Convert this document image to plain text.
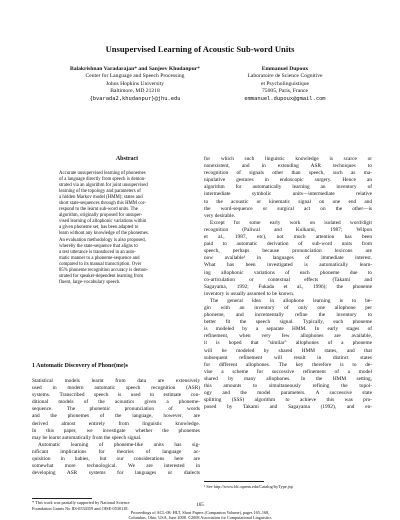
Unsupervised Learning of Acoustic Sub-word Units
Balakrishnan Varadarajan* and Sanjeev Khudanpur*
Center for Language and Speech Processing
Johns Hopkins University
Baltimore, MD 21218
{bvarada2,khudanpur}@jhu.edu
Emmanuel Dupoux
Laboratoire de Science Cognitive
et Psycholinguistique
75005, Paris, France
emmanuel.dupoux@gmail.com
Abstract
Accurate unsupervised learning of phonemes
of a language directly from speech is demon-
strated via an algorithm for joint unsupervised
learning of the topology and parameters of
a hidden Markov model (HMM); states and
short state-sequences through this HMM cor-
respond to the learnt sub-word units. The
algorithm, originally proposed for unsuper-
vised learning of allophonic variations within
a given phoneme set, has been adapted to
learn without any knowledge of the phonemes.
An evaluation methodology is also proposed,
whereby the state-sequence that aligns to
a test utterance is transduced in an auto-
matic manner to a phoneme-sequence and
compared to its manual transcription. Over
85% phoneme recognition accuracy is demon-
strated for speaker-dependent learning from
fluent, large-vocabulary speech.
1 Automatic Discovery of Phone(me)s
Statistical models learnt from data are extensively
used in modern automatic speech recognition (ASR)
systems. Transcribed speech is used to estimate con-
ditional models of the acoustics given a phoneme-
sequence. The phonemic pronunciation of words
and the phonemes of the language, however, are
derived almost entirely from linguistic knowledge.
In this paper, we investigate whether the phonemes
may be learnt automatically from the speech signal.
Automatic learning of phoneme-like units has sig-
nificant implications for theories of language ac-
quisition in babies, but our considerations here are
somewhat more technological. We are interested in
developing ASR systems for languages or dialects
for which such linguistic knowledge is scarce or
nonexistent, and in extending ASR techniques to
recognition of signals other than speech, such as ma-
nipulative gestures in endoscopic surgery. Hence an
algorithm for automatically learning an inventory of
intermediate symbolic units—intermediate relative
to the acoustic or kinematic signal on one end and
the word-sequence or surgical act on the other—is
very desirable.
Except for some early work on isolated word/digit
recognition (Paliwal and Kulkarni, 1987; Wilpon
et al., 1987, etc), not much attention has been
paid to automatic derivation of sub-word units from
speech, perhaps because pronunciation lexicons are
now available¹ in languages of immediate interest.
What has been investigated is automatically learn-
ing allophonic variations of each phoneme due to
co-articulation or contextual effects (Takami and
Sagayama, 1992; Fukada et al., 1996); the phoneme
inventory is usually assumed to be known.
The general idea in allophone learning is to be-
gin with an inventory of only one allophone per
phoneme, and incrementally refine the inventory to
better fit the speech signal. Typically, each phoneme
is modeled by a separate HMM. In early stages of
refinement, when very few allophones are available,
it is hoped that "similar" allophones of a phoneme
will be modeled by shared HMM states, and that
subsequent refinement will result in distinct states
for different allophones. The key therefore is to de-
vise a scheme for successive refinement of a model
shared by many allophones. In the HMM setting,
this amounts to simultaneously refining the topol-
ogy and the model parameters. A successive state
splitting (SSS) algorithm to achieve this was pro-
posed by Takami and Sagayama (1992), and en-
* This work was partially supported by National Science
Foundation Grants No IIS-0534359 and OISE-0530118.
¹ See http://www.ldc.upenn.edu/Catalog/byType.jsp
165
Proceedings of ACL-08: HLT, Short Papers (Companion Volume), pages 165–168,
Columbus, Ohio, USA, June 2008. ©2008 Association for Computational Linguistics
